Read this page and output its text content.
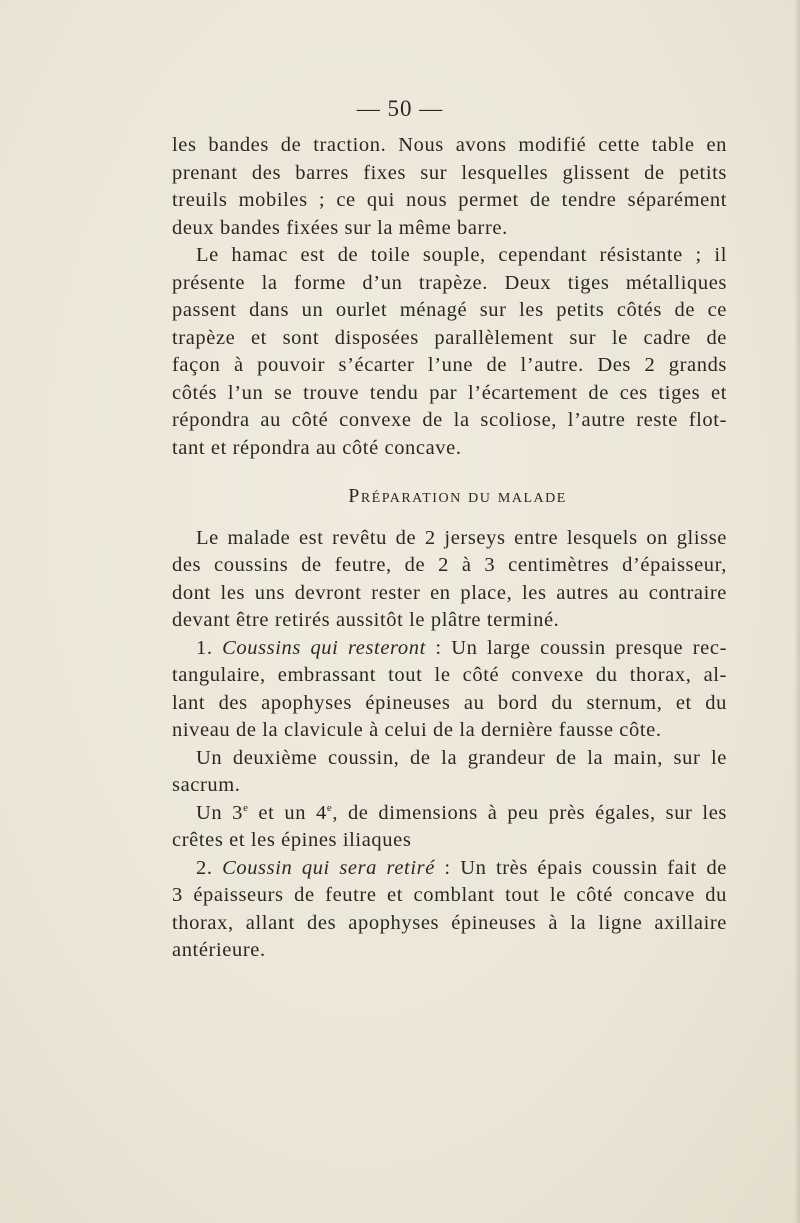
— 50 —
les bandes de traction. Nous avons modifié cette table en
prenant des barres fixes sur lesquelles glissent de petits
treuils mobiles ; ce qui nous permet de tendre séparément
deux bandes fixées sur la même barre.
Le hamac est de toile souple, cependant résistante ; il
présente la forme d’un trapèze. Deux tiges métalliques
passent dans un ourlet ménagé sur les petits côtés de ce
trapèze et sont disposées parallèlement sur le cadre de
façon à pouvoir s’écarter l’une de l’autre. Des 2 grands
côtés l’un se trouve tendu par l’écartement de ces tiges et
répondra au côté convexe de la scoliose, l’autre reste flot-
tant et répondra au côté concave.
Préparation du malade
Le malade est revêtu de 2 jerseys entre lesquels on glisse
des coussins de feutre, de 2 à 3 centimètres d’épaisseur,
dont les uns devront rester en place, les autres au contraire
devant être retirés aussitôt le plâtre terminé.
1. Coussins qui resteront : Un large coussin presque rec-
tangulaire, embrassant tout le côté convexe du thorax, al-
lant des apophyses épineuses au bord du sternum, et du
niveau de la clavicule à celui de la dernière fausse côte.
Un deuxième coussin, de la grandeur de la main, sur le
sacrum.
Un 3e et un 4e, de dimensions à peu près égales, sur les
crêtes et les épines iliaques
2. Coussin qui sera retiré : Un très épais coussin fait de
3 épaisseurs de feutre et comblant tout le côté concave du
thorax, allant des apophyses épineuses à la ligne axillaire
antérieure.
